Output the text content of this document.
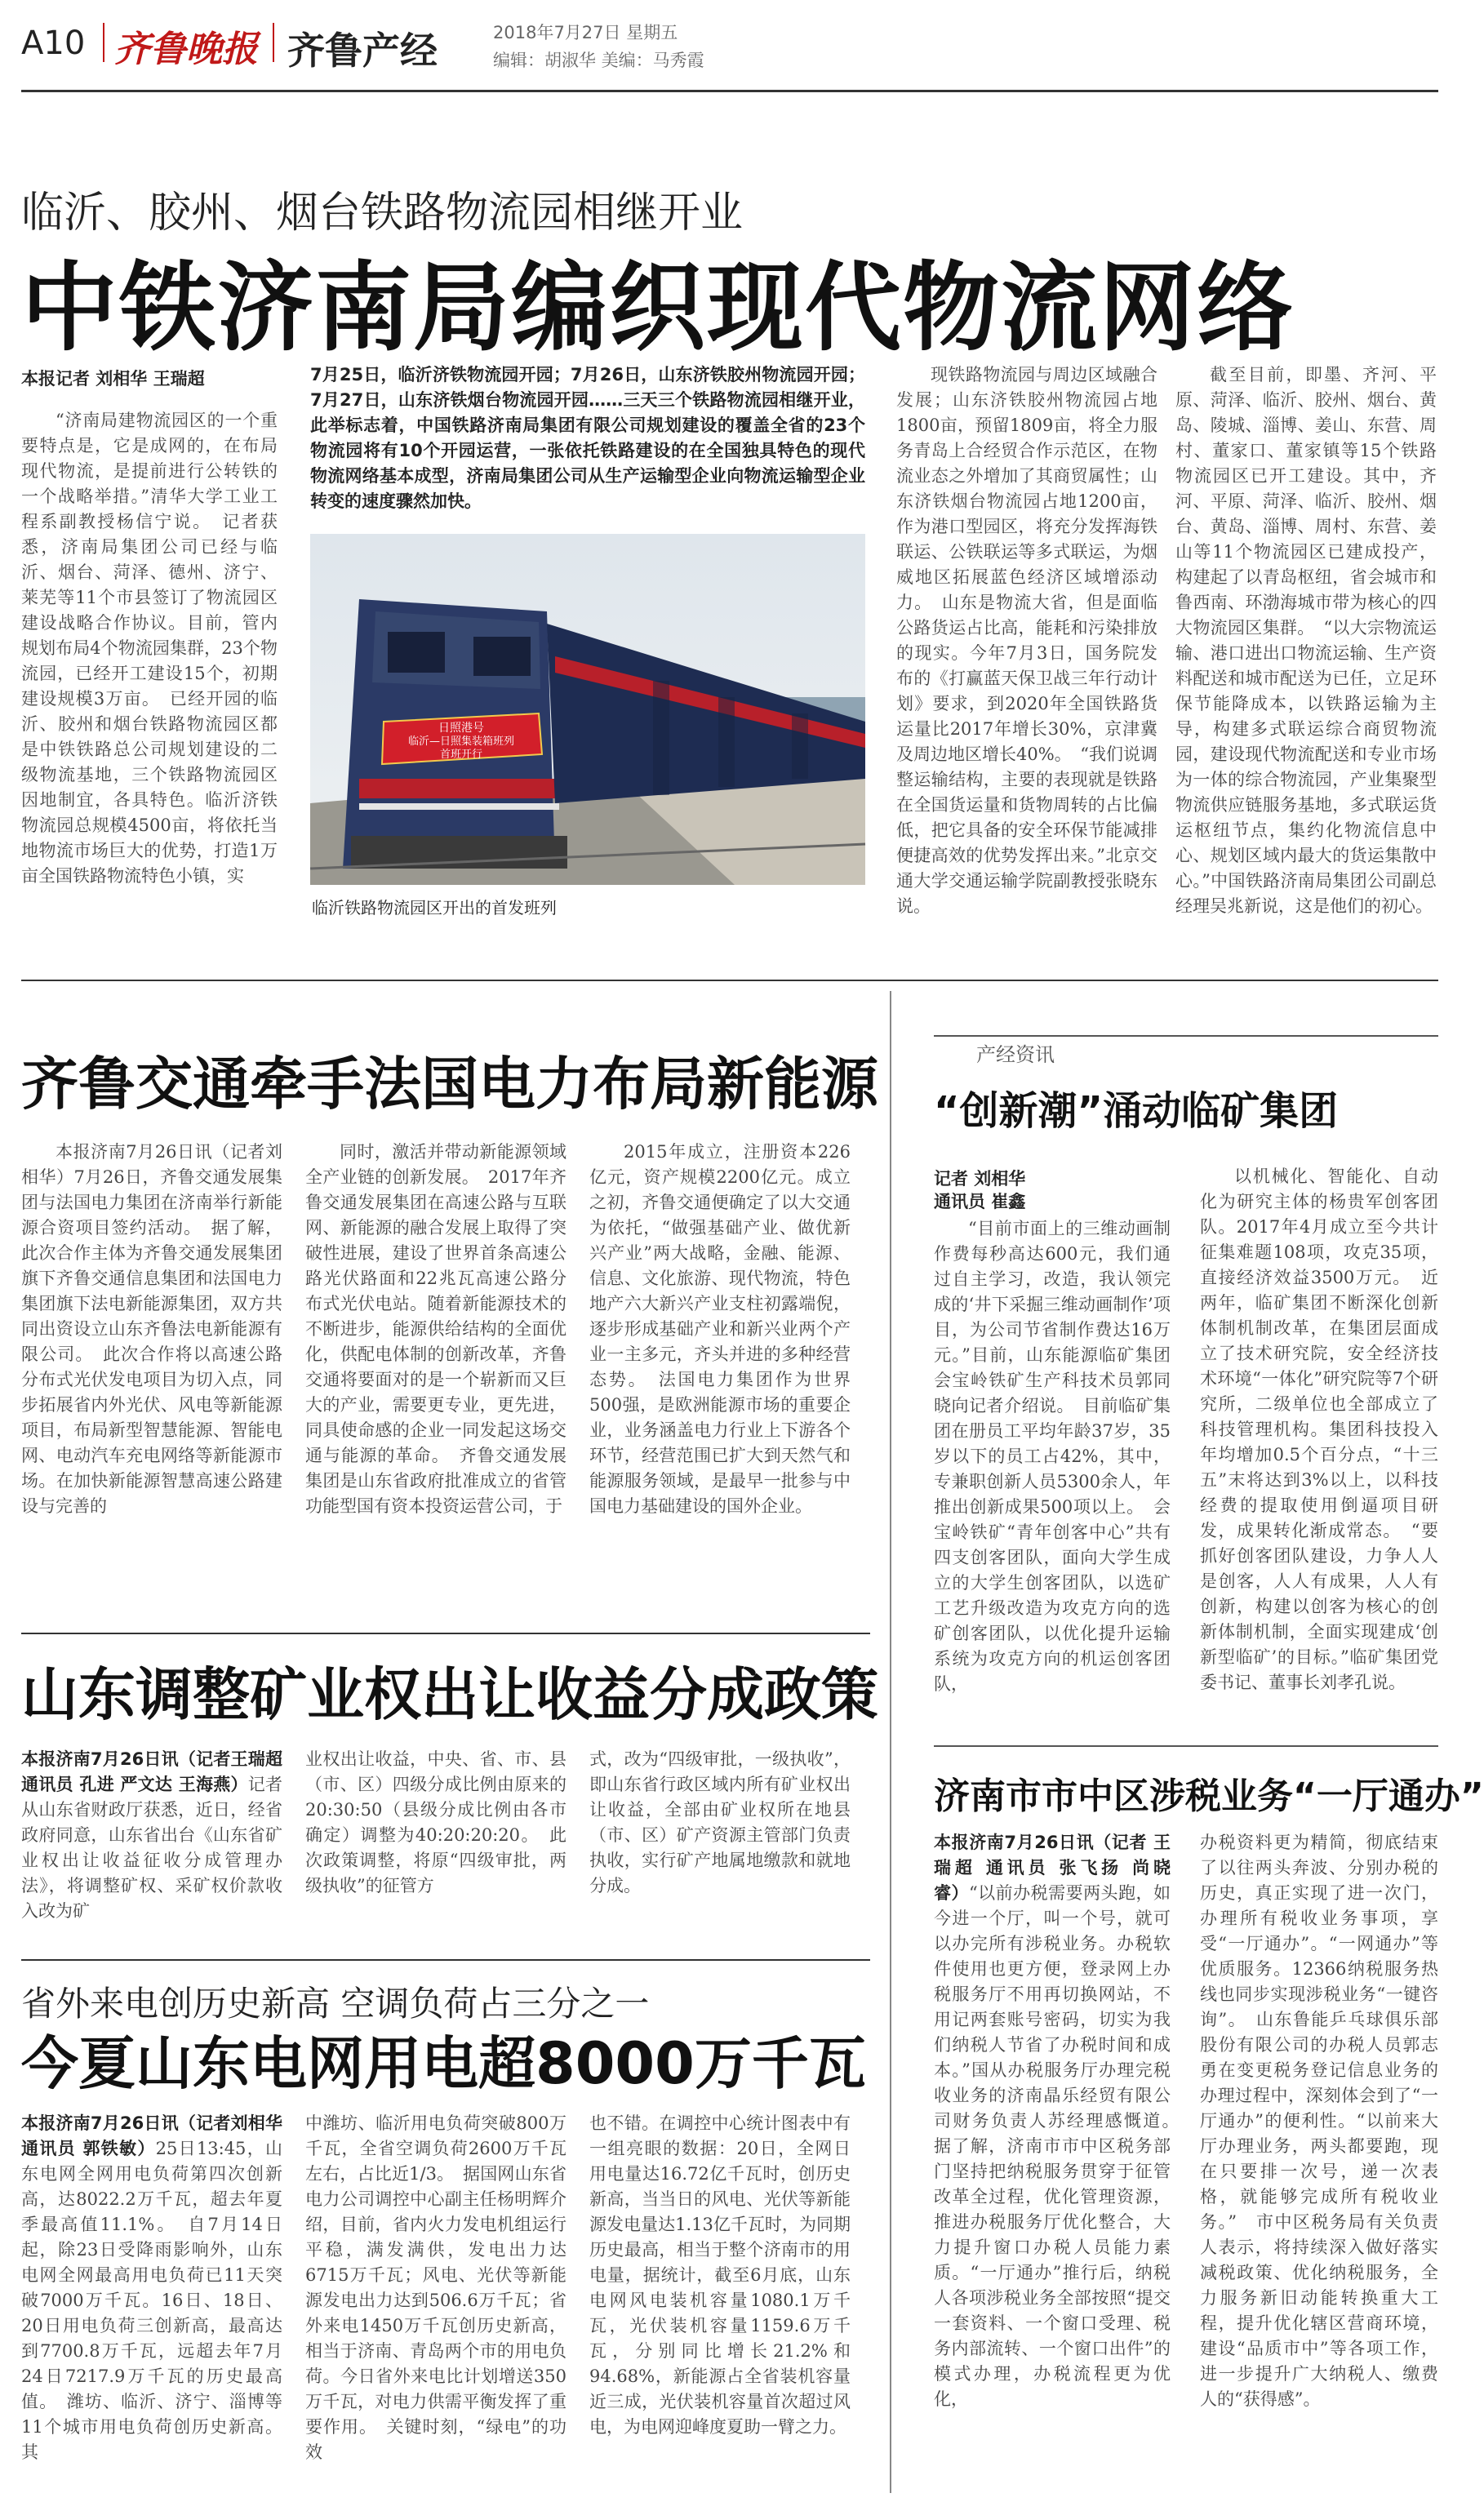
A10 齐鲁晚报 齐鲁产经	2018年7月27日 星期五
编辑：胡淑华 美编：马秀霞
临沂、胶州、烟台铁路物流园相继开业
中铁济南局编织现代物流网络
本报记者 刘相华 王瑞超

“济南局建物流园区的一个重要特点是，它是成网的，在布局现代物流，是提前进行公转铁的一个战略举措。”清华大学工业工程系副教授杨信宁说。　记者获悉，济南局集团公司已经与临沂、烟台、菏泽、德州、济宁、莱芜等11个市县签订了物流园区建设战略合作协议。目前，管内规划布局4个物流园集群，23个物流园，已经开工建设15个，初期建设规模3万亩。　已经开园的临沂、胶州和烟台铁路物流园区都是中铁铁路总公司规划建设的二级物流基地，三个铁路物流园区因地制宜，各具特色。临沂济铁物流园总规模4500亩，将依托当地物流市场巨大的优势，打造1万亩全国铁路物流特色小镇，实

7月25日，临沂济铁物流园开园；7月26日，山东济铁胶州物流园开园；7月27日，山东济铁烟台物流园开园……三天三个铁路物流园相继开业，此举标志着，中国铁路济南局集团有限公司规划建设的覆盖全省的23个物流园将有10个开园运营，一张依托铁路建设的在全国独具特色的现代物流网络基本成型，济南局集团公司从生产运输型企业向物流运输型企业转变的速度骤然加快。
日照港号
临沂—日照集装箱班列
首班开行
临沂铁路物流园区开出的首发班列

现铁路物流园与周边区域融合发展；山东济铁胶州物流园占地1800亩，预留1809亩，将全力服务青岛上合经贸合作示范区，在物流业态之外增加了其商贸属性；山东济铁烟台物流园占地1200亩，作为港口型园区，将充分发挥海铁联运、公铁联运等多式联运，为烟威地区拓展蓝色经济区域增添动力。　山东是物流大省，但是面临公路货运占比高，能耗和污染排放的现实。今年7月3日，国务院发布的《打赢蓝天保卫战三年行动计划》要求，到2020年全国铁路货运量比2017年增长30%，京津冀及周边地区增长40%。　“我们说调整运输结构，主要的表现就是铁路在全国货运量和货物周转的占比偏低，把它具备的安全环保节能减排便捷高效的优势发挥出来。”北京交通大学交通运输学院副教授张晓东说。

截至目前，即墨、齐河、平原、菏泽、临沂、胶州、烟台、黄岛、陵城、淄博、姜山、东营、周村、董家口、董家镇等15个铁路物流园区已开工建设。其中，齐河、平原、菏泽、临沂、胶州、烟台、黄岛、淄博、周村、东营、姜山等11个物流园区已建成投产，构建起了以青岛枢纽，省会城市和鲁西南、环渤海城市带为核心的四大物流园区集群。　“以大宗物流运输、港口进出口物流运输、生产资料配送和城市配送为已任，立足环保节能降成本，以铁路运输为主导，构建多式联运综合商贸物流园，建设现代物流配送和专业市场为一体的综合物流园，产业集聚型物流供应链服务基地，多式联运货运枢纽节点，集约化物流信息中心、规划区域内最大的货运集散中心。”中国铁路济南局集团公司副总经理吴兆新说，这是他们的初心。

齐鲁交通牵手法国电力布局新能源

本报济南7月26日讯（记者刘相华）7月26日，齐鲁交通发展集团与法国电力集团在济南举行新能源合资项目签约活动。　据了解，此次合作主体为齐鲁交通发展集团旗下齐鲁交通信息集团和法国电力集团旗下法电新能源集团，双方共同出资设立山东齐鲁法电新能源有限公司。　此次合作将以高速公路分布式光伏发电项目为切入点，同步拓展省内外光伏、风电等新能源项目，布局新型智慧能源、智能电网、电动汽车充电网络等新能源市场。在加快新能源智慧高速公路建设与完善的

同时，激活并带动新能源领域全产业链的创新发展。　2017年齐鲁交通发展集团在高速公路与互联网、新能源的融合发展上取得了突破性进展，建设了世界首条高速公路光伏路面和22兆瓦高速公路分布式光伏电站。随着新能源技术的不断进步，能源供给结构的全面优化，供配电体制的创新改革，齐鲁交通将要面对的是一个崭新而又巨大的产业，需要更专业，更先进，同具使命感的企业一同发起这场交通与能源的革命。　齐鲁交通发展集团是山东省政府批准成立的省管功能型国有资本投资运营公司，于

2015年成立，注册资本226亿元，资产规模2200亿元。成立之初，齐鲁交通便确定了以大交通为依托，“做强基础产业、做优新兴产业”两大战略，金融、能源、信息、文化旅游、现代物流，特色地产六大新兴产业支柱初露端倪，逐步形成基础产业和新兴业两个产业一主多元，齐头并进的多种经营态势。　法国电力集团作为世界500强，是欧洲能源市场的重要企业，业务涵盖电力行业上下游各个环节，经营范围已扩大到天然气和能源服务领域，是最早一批参与中国电力基础建设的国外企业。

山东调整矿业权出让收益分成政策
本报济南7月26日讯（记者王瑞超 通讯员 孔进 严文达 王海燕）记者从山东省财政厅获悉，近日，经省政府同意，山东省出台《山东省矿业权出让收益征收分成管理办法》，将调整矿权、采矿权价款收入改为矿
业权出让收益，中央、省、市、县（市、区）四级分成比例由原来的20:30:50（县级分成比例由各市确定）调整为40:20:20:20。　此次政策调整，将原“四级审批，两级执收”的征管方
式，改为“四级审批，一级执收”，即山东省行政区域内所有矿业权出让收益，全部由矿业权所在地县（市、区）矿产资源主管部门负责执收，实行矿产地属地缴款和就地分成。
省外来电创历史新高 空调负荷占三分之一
今夏山东电网用电超8000万千瓦
本报济南7月26日讯（记者刘相华 通讯员 郭铁敏）25日13:45，山东电网全网用电负荷第四次创新高，达8022.2万千瓦，超去年夏季最高值11.1%。　自7月14日起，除23日受降雨影响外，山东电网全网最高用电负荷已11天突破7000万千瓦。16日、18日、20日用电负荷三创新高，最高达到7700.8万千瓦，远超去年7月24日7217.9万千瓦的历史最高值。　潍坊、临沂、济宁、淄博等11个城市用电负荷创历史新高。其
中潍坊、临沂用电负荷突破800万千瓦，全省空调负荷2600万千瓦左右，占比近1/3。　据国网山东省电力公司调控中心副主任杨明辉介绍，目前，省内火力发电机组运行平稳，满发满供，发电出力达6715万千瓦；风电、光伏等新能源发电出力达到506.6万千瓦；省外来电1450万千瓦创历史新高，相当于济南、青岛两个市的用电负荷。今日省外来电比计划增送350万千瓦，对电力供需平衡发挥了重要作用。　关键时刻，“绿电”的功效
也不错。在调控中心统计图表中有一组亮眼的数据：20日，全网日用电量达16.72亿千瓦时，创历史新高，当当日的风电、光伏等新能源发电量达1.13亿千瓦时，为同期历史最高，相当于整个济南市的用电量，据统计，截至6月底，山东电网风电装机容量1080.1万千瓦，光伏装机容量1159.6万千瓦，分别同比增长21.2%和94.68%，新能源占全省装机容量近三成，光伏装机容量首次超过风电，为电网迎峰度夏助一臂之力。
产经资讯
“创新潮”涌动临矿集团
记者 刘相华
通讯员 崔鑫

“目前市面上的三维动画制作费每秒高达600元，我们通过自主学习，改造，我认领完成的‘井下采掘三维动画制作’项目，为公司节省制作费达16万元。”目前，山东能源临矿集团会宝岭铁矿生产科技术员郭同晓向记者介绍说。　目前临矿集团在册员工平均年龄37岁，35岁以下的员工占42%，其中，专兼职创新人员5300余人，年推出创新成果500项以上。　会宝岭铁矿“青年创客中心”共有四支创客团队，面向大学生成立的大学生创客团队，以选矿工艺升级改造为攻克方向的选矿创客团队，以优化提升运输系统为攻克方向的机运创客团队，

以机械化、智能化、自动化为研究主体的杨贵军创客团队。2017年4月成立至今共计征集难题108项，攻克35项，直接经济效益3500万元。　近两年，临矿集团不断深化创新体制机制改革，在集团层面成立了技术研究院，安全经济技术环境“一体化”研究院等7个研究所，二级单位也全部成立了科技管理机构。集团科技投入年均增加0.5个百分点，“十三五”末将达到3%以上，以科技经费的提取使用倒逼项目研发，成果转化渐成常态。　“要抓好创客团队建设，力争人人是创客，人人有成果，人人有创新，构建以创客为核心的创新体制机制，全面实现建成‘创新型临矿’的目标。”临矿集团党委书记、董事长刘孝孔说。

济南市市中区涉税业务“一厅通办”
本报济南7月26日讯（记者 王瑞超 通讯员 张飞扬 尚晓睿）“以前办税需要两头跑，如今进一个厅，叫一个号，就可以办完所有涉税业务。办税软件使用也更方便，登录网上办税服务厅不用再切换网站，不用记两套账号密码，切实为我们纳税人节省了办税时间和成本。”国从办税服务厅办理完税收业务的济南晶乐经贸有限公司财务负责人苏经理感慨道。　据了解，济南市市中区税务部门坚持把纳税服务贯穿于征管改革全过程，优化管理资源，推进办税服务厅优化整合，大力提升窗口办税人员能力素质。“一厅通办”推行后，纳税人各项涉税业务全部按照“提交一套资料、一个窗口受理、税务内部流转、一个窗口出件”的模式办理，办税流程更为优化，
办税资料更为精简，彻底结束了以往两头奔波、分别办税的历史，真正实现了进一次门，办理所有税收业务事项，享受“一厅通办”。“一网通办”等优质服务。12366纳税服务热线也同步实现涉税业务“一键咨询”。　山东鲁能乒乓球俱乐部股份有限公司的办税人员郭志勇在变更税务登记信息业务的办理过程中，深刻体会到了“一厅通办”的便利性。“以前来大厅办理业务，两头都要跑，现在只要排一次号，递一次表格，就能够完成所有税收业务。”　市中区税务局有关负责人表示，将持续深入做好落实减税政策、优化纳税服务，全力服务新旧动能转换重大工程，提升优化辖区营商环境，建设“品质市中”等各项工作，进一步提升广大纳税人、缴费人的“获得感”。
